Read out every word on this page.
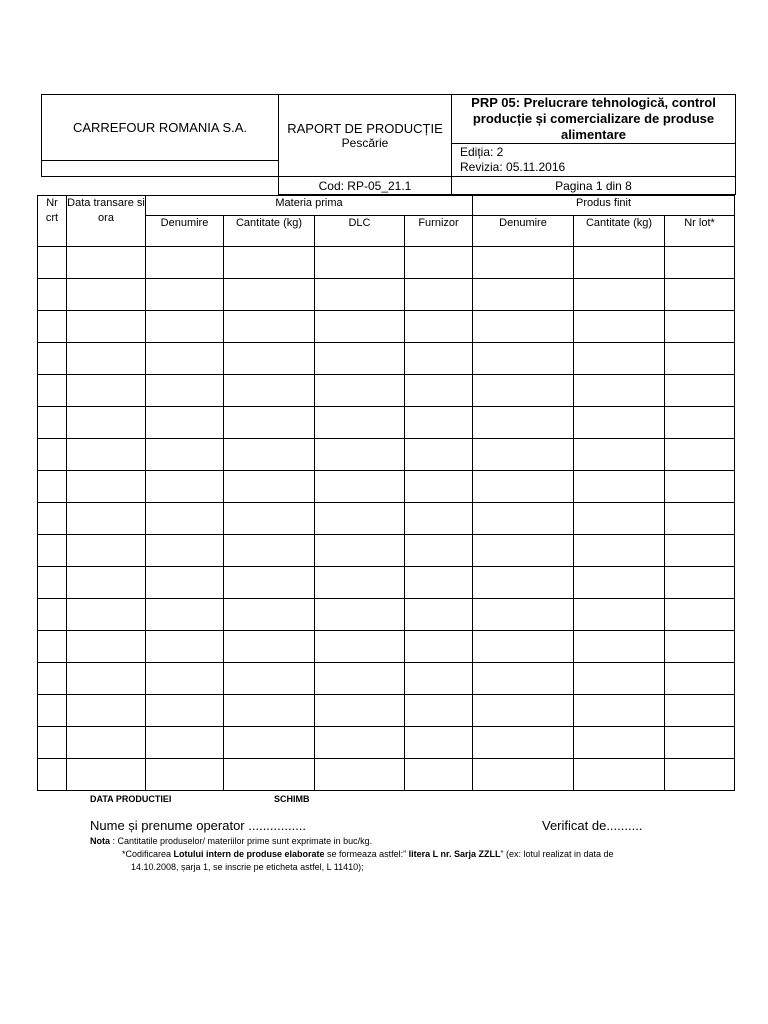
CARREFOUR ROMANIA S.A.	RAPORT DE PRODUCȚIE
Pescărie	PRP 05: Prelucrare tehnologică, control producție și comercializare de produse alimentare

		Ediția: 2
Revizia: 05.11.2016

	Cod: RP-05_21.1	Pagina 1 din 8
Nr crt	Data transare si ora	Materia prima				Produs finit		
		Denumire	Cantitate (kg)	DLC	Furnizor	Denumire	Cantitate (kg)	Nr lot*

DATA PRODUCTIEI	SCHIMB
Nume și prenume operator ................	Verificat de..........
Nota : Cantitatile produselor/ materiilor prime sunt exprimate in buc/kg.
*Codificarea Lotului intern de produse elaborate se formeaza astfel:” litera L nr. Sarja ZZLL” (ex: lotul realizat in data de
14.10.2008, șarja 1, se inscrie pe eticheta astfel, L 11410);
